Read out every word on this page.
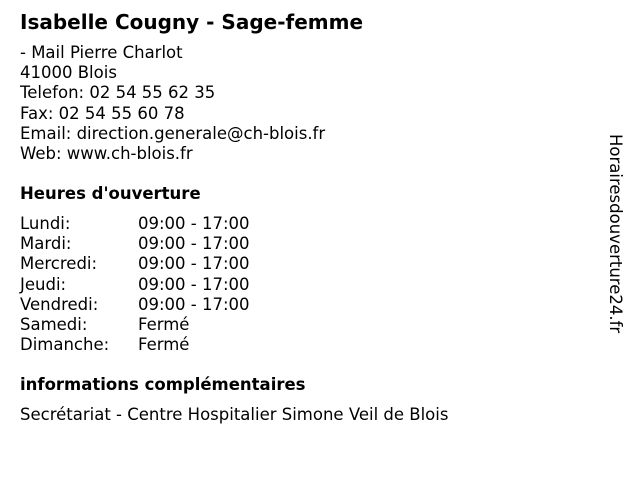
Isabelle Cougny - Sage-femme
- Mail Pierre Charlot
41000 Blois
Telefon: 02 54 55 62 35
Fax: 02 54 55 60 78
Email: direction.generale@ch-blois.fr
Web: www.ch-blois.fr
Heures d'ouverture
Lundi:	09:00 - 17:00
Mardi:	09:00 - 17:00
Mercredi:	09:00 - 17:00
Jeudi:	09:00 - 17:00
Vendredi:	09:00 - 17:00
Samedi:	Fermé
Dimanche:	Fermé
informations complémentaires
Secrétariat - Centre Hospitalier Simone Veil de Blois
Horairesdouverture24.fr
